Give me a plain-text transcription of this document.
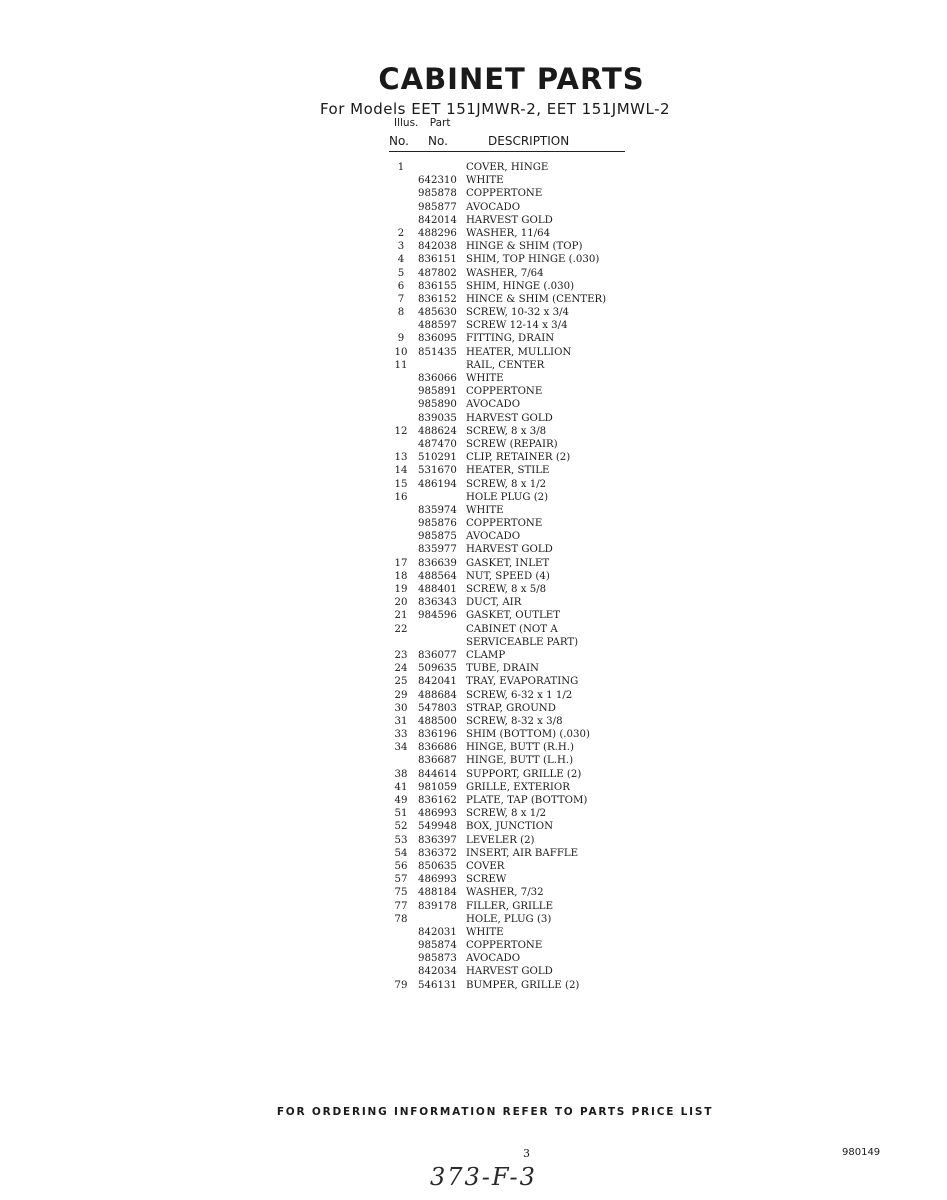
CABINET PARTS
For Models EET 151JMWR-2, EET 151JMWL-2
Illus. Part
No. No.	DESCRIPTION
1	COVER, HINGE
642310 WHITE
985878 COPPERTONE
985877 AVOCADO
842014 HARVEST GOLD
2	488296 WASHER, 11/64
3	842038 HINGE & SHIM (TOP)
4	836151 SHIM, TOP HINGE (.030)
5	487802 WASHER, 7/64
6	836155 SHIM, HINGE (.030)
7	836152 HINCE & SHIM (CENTER)
8	485630 SCREW, 10-32 x 3/4
488597 SCREW 12-14 x 3/4
9	836095 FITTING, DRAIN
10	851435 HEATER, MULLION
11	RAIL, CENTER
836066 WHITE
985891 COPPERTONE
985890 AVOCADO
839035 HARVEST GOLD
12	488624 SCREW, 8 x 3/8
487470 SCREW (REPAIR)
13	510291 CLIP, RETAINER (2)
14	531670 HEATER, STILE
15	486194 SCREW, 8 x 1/2
16	HOLE PLUG (2)
835974 WHITE
985876 COPPERTONE
985875 AVOCADO
835977 HARVEST GOLD
17	836639 GASKET, INLET
18	488564 NUT, SPEED (4)
19	488401 SCREW, 8 x 5/8
20	836343 DUCT, AIR
21	984596 GASKET, OUTLET
22	CABINET (NOT A
SERVICEABLE PART)
23	836077 CLAMP
24	509635 TUBE, DRAIN
25	842041 TRAY, EVAPORATING
29	488684 SCREW, 6-32 x 1 1/2
30	547803 STRAP, GROUND
31	488500 SCREW, 8-32 x 3/8
33	836196 SHIM (BOTTOM) (.030)
34	836686 HINGE, BUTT (R.H.)
836687 HINGE, BUTT (L.H.)
38	844614 SUPPORT, GRILLE (2)
41	981059 GRILLE, EXTERIOR
49	836162 PLATE, TAP (BOTTOM)
51	486993 SCREW, 8 x 1/2
52	549948 BOX, JUNCTION
53	836397 LEVELER (2)
54	836372 INSERT, AIR BAFFLE
56	850635 COVER
57	486993 SCREW
75	488184 WASHER, 7/32
77	839178 FILLER, GRILLE
78	HOLE, PLUG (3)
842031 WHITE
985874 COPPERTONE
985873 AVOCADO
842034 HARVEST GOLD
79	546131 BUMPER, GRILLE (2)
FOR ORDERING INFORMATION REFER TO PARTS PRICE LIST
3	980149
373-F-3
